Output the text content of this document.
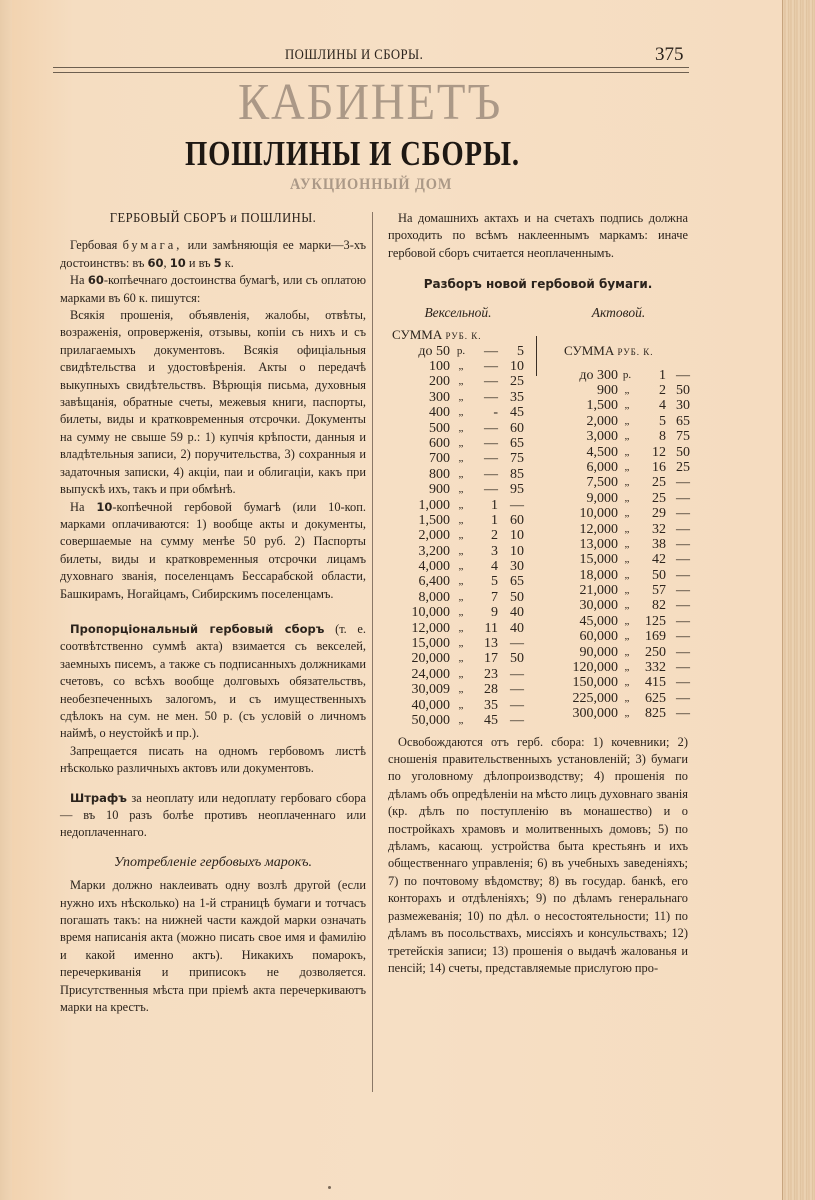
ПОШЛИНЫ И СБОРЫ.	375
КАБИНЕТЪ
ПОШЛИНЫ И СБОРЫ.
АУКЦИОННЫЙ ДОМ
ГЕРБОВЫЙ СБОРЪ и ПОШЛИНЫ.

Гербовая бумага, или замѣняющія ее марки—3-хъ достоинствъ: въ 60, 10 и въ 5 к.

На 60-копѣечнаго достоинства бумагѣ, или съ оплатою марками въ 60 к. пишутся:

Всякія прошенія, объявленія, жалобы, отвѣты, возраженія, опроверженія, отзывы, копіи съ нихъ и съ прилагаемыхъ документовъ. Всякія офиціальныя свидѣтельства и удостовѣренія. Акты о передачѣ выкупныхъ свидѣтельствъ. Вѣрющія письма, духовныя завѣщанія, обратные счеты, межевыя книги, паспорты, билеты, виды и кратковременныя отсрочки. Документы на сумму не свыше 59 р.: 1) купчія крѣпости, данныя и владѣтельныя записи, 2) поручительства, 3) сохранныя и задаточныя записки, 4) акціи, паи и облигаціи, какъ при выпускѣ ихъ, такъ и при обмѣнѣ.

На 10-копѣечной гербовой бумагѣ (или 10-коп. марками оплачиваются: 1) вообще акты и документы, совершаемые на сумму менѣе 50 руб. 2) Паспорты билеты, виды и кратковременныя отсрочки лицамъ духовнаго званія, поселенцамъ Бессарабской области, Башкирамъ, Ногайцамъ, Сибирскимъ поселенцамъ.

Пропорціональный гербовый сборъ (т. е. соотвѣтственно суммѣ акта) взимается съ векселей, заемныхъ писемъ, а также съ подписанныхъ должниками счетовъ, со всѣхъ вообще долговыхъ обязательствъ, необезпеченныхъ залогомъ, и съ имущественныхъ сдѣлокъ на сум. не мен. 50 р. (съ условій о личномъ наймѣ, о неустойкѣ и пр.).

Запрещается писать на одномъ гербовомъ листѣ нѣсколько различныхъ актовъ или документовъ.

Штрафъ за неоплату или недоплату гербоваго сбора — въ 10 разъ болѣе противъ неоплаченнаго или недоплаченнаго.

Употребленіе гербовыхъ марокъ.

Марки должно наклеивать одну возлѣ другой (если нужно ихъ нѣсколько) на 1-й страницѣ бумаги и тотчасъ погашать такъ: на нижней части каждой марки означать время написанія акта (можно писать свое имя и фамилію и какой именно актъ). Никакихъ помарокъ, перечеркиванія и приписокъ не дозволяется. Присутственныя мѣста при пріемѣ акта перечеркиваютъ марки на крестъ.

На домашнихъ актахъ и на счетахъ подпись должна проходить по всѣмъ наклееннымъ маркамъ: иначе гербовой сборъ считается неоплаченнымъ.

Разборъ новой гербовой бумаги.
Вексельной.
СУММА РУБ. К.
до 50 р.	—	5
100 „	— 10
200 „	— 25
300 „	— 35
400 „	- 45
500 „	— 60
600 „	— 65
700 „	— 75
800 „	— 85
900 „	— 95
1,000 „	1 —
1,500 „	1 60
2,000 „	2 10
3,200 „	3 10
4,000 „	4 30
6,400 „	5 65
8,000 „	7 50
10,000 „	9 40
12,000 „	11 40
15,000 „	13 —
20,000 „	17 50
24,000 „	23 —
30,009 „	28 —
40,000 „	35 —
50,000 „	45 —
Актовой.
СУММА РУБ. К.
до 300 р.	1 —
900 „	2 50
1,500 „	4 30
2,000 „	5 65
3,000 „	8 75
4,500 „	12 50
6,000 „	16 25
7,500 „	25 —
9,000 „	25 —
10,000 „	29 —
12,000 „	32 —
13,000 „	38 —
15,000 „	42 —
18,000 „	50 —
21,000 „	57 —
30,000 „	82 —
45,000 „	125 —
60,000 „	169 —
90,000 „	250 —
120,000 „	332 —
150,000 „	415 —
225,000 „	625 —
300,000 „	825 —

Освобождаются отъ герб. сбора: 1) кочевники; 2) сношенія правительственныхъ установленій; 3) бумаги по уголовному дѣлопроизводству; 4) прошенія по дѣламъ объ опредѣленіи на мѣсто лицъ духовнаго званія (кр. дѣлъ по поступленію въ монашество) и о постройкахъ храмовъ и молитвенныхъ домовъ; 5) по дѣламъ, касающ. устройства быта крестьянъ и ихъ общественнаго управленія; 6) въ учебныхъ заведеніяхъ; 7) по почтовому вѣдомству; 8) въ государ. банкѣ, его конторахъ и отдѣленіяхъ; 9) по дѣламъ генеральнаго размежеванія; 10) по дѣл. о несостоятельности; 11) по дѣламъ въ посольствахъ, миссіяхъ и консульствахъ; 12) третейскія записи; 13) прошенія о выдачѣ жалованья и пенсій; 14) счеты, представляемые прислугою про-
